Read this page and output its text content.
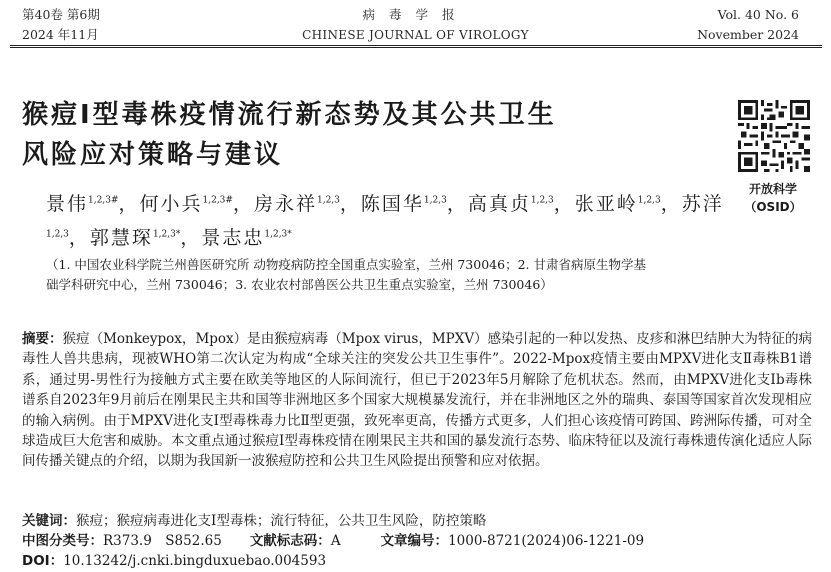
第40卷 第6期
2024 年11月
病毒学报
CHINESE JOURNAL OF VIROLOGY
Vol. 40 No. 6
November 2024
猴痘Ⅰ型毒株疫情流行新态势及其公共卫生
风险应对策略与建议
开放科学
（OSID）
景伟$^{1,2,3\#}$，何小兵$^{1,2,3\#}$，房永祥$^{1,2,3}$，陈国华$^{1,2,3}$，高真贞$^{1,2,3}$，张亚岭$^{1,2,3}$，苏洋$^{1,2,3}$，郭慧琛$^{1,2,3*}$，景志忠$^{1,2,3*}$
（1. 中国农业科学院兰州兽医研究所 动物疫病防控全国重点实验室，兰州 730046；2. 甘肃省病原生物学基础学科研究中心，兰州 730046；3. 农业农村部兽医公共卫生重点实验室，兰州 730046）
摘要：猴痘（Monkeypox，Mpox）是由猴痘病毒（Mpox virus，MPXV）感染引起的一种以发热、皮疹和淋巴结肿大为特征的病毒性人兽共患病，现被WHO第二次认定为构成“全球关注的突发公共卫生事件”。2022-Mpox疫情主要由MPXV进化支Ⅱ毒株B1谱系，通过男-男性行为接触方式主要在欧美等地区的人际间流行，但已于2023年5月解除了危机状态。然而，由MPXV进化支Ⅰb毒株谱系自2023年9月前后在刚果民主共和国等非洲地区多个国家大规模暴发流行，并在非洲地区之外的瑞典、泰国等国家首次发现相应的输入病例。由于MPXV进化支Ⅰ型毒株毒力比Ⅱ型更强，致死率更高，传播方式更多，人们担心该疫情可跨国、跨洲际传播，可对全球造成巨大危害和威胁。本文重点通过猴痘Ⅰ型毒株疫情在刚果民主共和国的暴发流行态势、临床特征以及流行毒株遗传演化适应人际间传播关键点的介绍，以期为我国新一波猴痘防控和公共卫生风险提出预警和应对依据。
关键词：猴痘；猴痘病毒进化支Ⅰ型毒株；流行特征，公共卫生风险，防控策略
中图分类号：R373.9　S852.65 文献标志码：A	文章编号：1000-8721(2024)06-1221-09
DOI：10.13242/j.cnki.bingduxuebao.004593
